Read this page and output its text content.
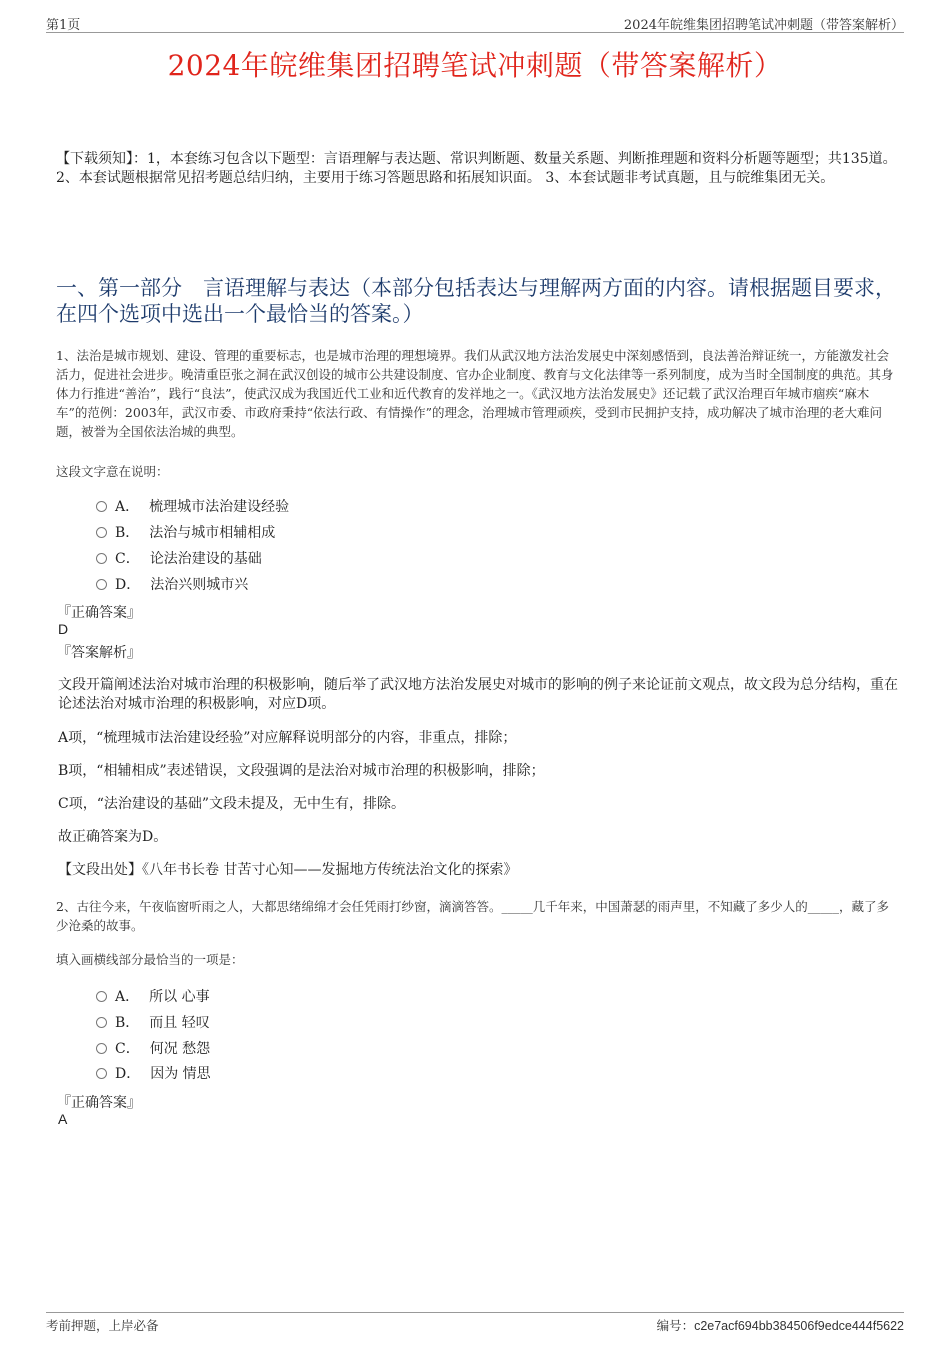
第1页	2024年皖维集团招聘笔试冲刺题（带答案解析）
2024年皖维集团招聘笔试冲刺题（带答案解析）
【下载须知】：1，本套练习包含以下题型：言语理解与表达题、常识判断题、数量关系题、判断推理题和资料分析题等题型；共135道。 2、本套试题根据常见招考题总结归纳，主要用于练习答题思路和拓展知识面。 3、本套试题非考试真题，且与皖维集团无关。
一、第一部分　言语理解与表达（本部分包括表达与理解两方面的内容。请根据题目要求，在四个选项中选出一个最恰当的答案。）
1、法治是城市规划、建设、管理的重要标志，也是城市治理的理想境界。我们从武汉地方法治发展史中深刻感悟到，良法善治辩证统一，方能激发社会活力，促进社会进步。晚清重臣张之洞在武汉创设的城市公共建设制度、官办企业制度、教育与文化法律等一系列制度，成为当时全国制度的典范。其身体力行推进“善治”，践行“良法”，使武汉成为我国近代工业和近代教育的发祥地之一。《武汉地方法治发展史》还记载了武汉治理百年城市痼疾“麻木车”的范例：2003年，武汉市委、市政府秉持“依法行政、有情操作”的理念，治理城市管理顽疾，受到市民拥护支持，成功解决了城市治理的老大难问题，被誉为全国依法治城的典型。
这段文字意在说明：
A． 梳理城市法治建设经验
B． 法治与城市相辅相成
C． 论法治建设的基础
D． 法治兴则城市兴
『正确答案』
D
『答案解析』
文段开篇阐述法治对城市治理的积极影响，随后举了武汉地方法治发展史对城市的影响的例子来论证前文观点，故文段为总分结构，重在论述法治对城市治理的积极影响，对应D项。
A项，“梳理城市法治建设经验”对应解释说明部分的内容，非重点，排除；
B项，“相辅相成”表述错误，文段强调的是法治对城市治理的积极影响，排除；
C项，“法治建设的基础”文段未提及，无中生有，排除。
故正确答案为D。
【文段出处】《八年书长卷 甘苦寸心知——发掘地方传统法治文化的探索》
2、古往今来，午夜临窗听雨之人，大都思绪绵绵才会任凭雨打纱窗，滴滴答答。_____几千年来，中国萧瑟的雨声里，不知藏了多少人的_____，藏了多少沧桑的故事。
填入画横线部分最恰当的一项是：
A． 所以 心事
B． 而且 轻叹
C． 何况 愁怨
D． 因为 情思
『正确答案』
A
考前押题，上岸必备	编号：c2e7acf694bb384506f9edce444f5622
